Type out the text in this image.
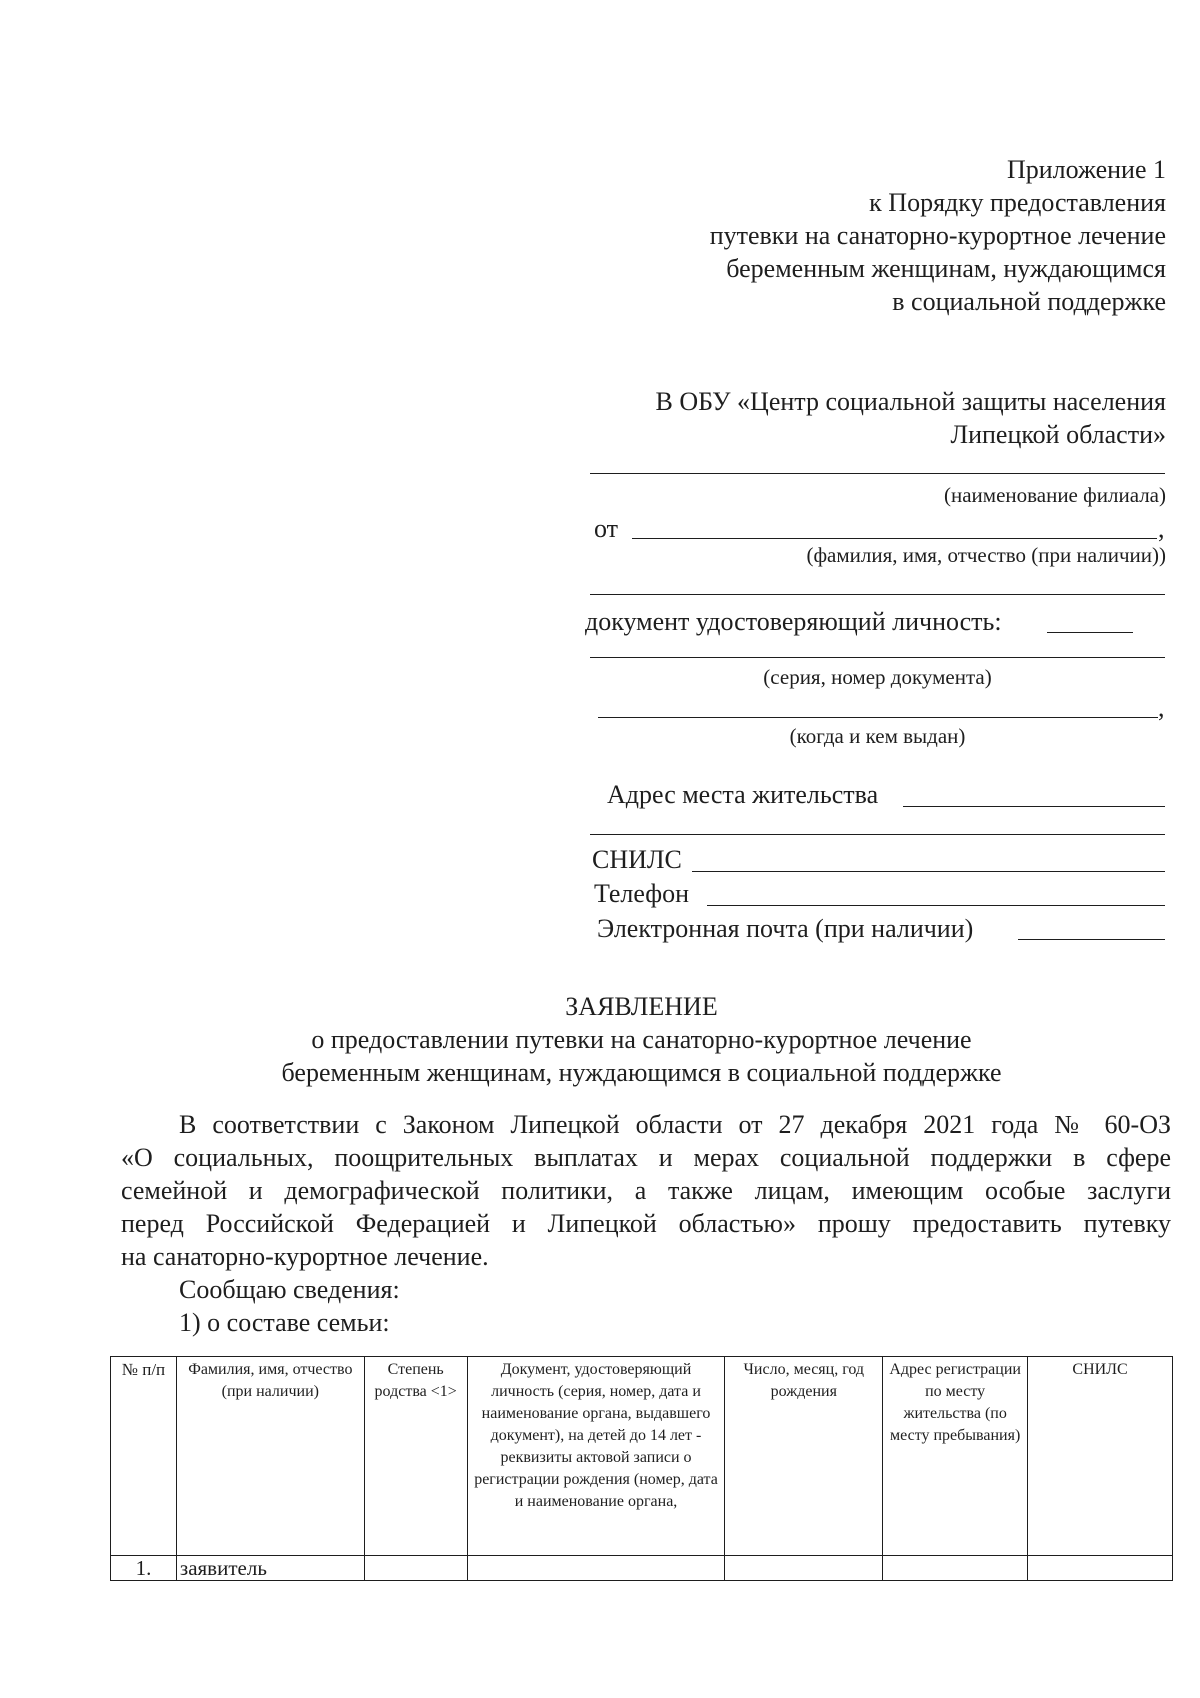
Приложение 1
к Порядку предоставления
путевки на санаторно-курортное лечение
беременным женщинам, нуждающимся
в социальной поддержке
В ОБУ «Центр социальной защиты населения
Липецкой области»
(наименование филиала)
от	,
(фамилия, имя, отчество (при наличии))
документ удостоверяющий личность:
(серия, номер документа)
,
(когда и кем выдан)
Адрес места жительства
СНИЛС
Телефон
Электронная почта (при наличии)
ЗАЯВЛЕНИЕ
о предоставлении путевки на санаторно-курортное лечение
беременным женщинам, нуждающимся в социальной поддержке
В соответствии с Законом Липецкой области от 27 декабря 2021 года № 60-ОЗ
«О социальных, поощрительных выплатах и мерах социальной поддержки в сфере
семейной и демографической политики, а также лицам, имеющим особые заслуги
перед Российской Федерацией и Липецкой областью» прошу предоставить путевку
на санаторно-курортное лечение.
Сообщаю сведения:
1) о составе семьи:
№ п/п	Фамилия, имя, отчество (при наличии)	Степень родства <1>	Документ, удостоверяющий личность (серия, номер, дата и наименование органа, выдавшего документ), на детей до 14 лет - реквизиты актовой записи о регистрации рождения (номер, дата и наименование органа,	Число, месяц, год рождения	Адрес регистрации по месту жительства (по месту пребывания)	СНИЛС
1.	заявитель					
